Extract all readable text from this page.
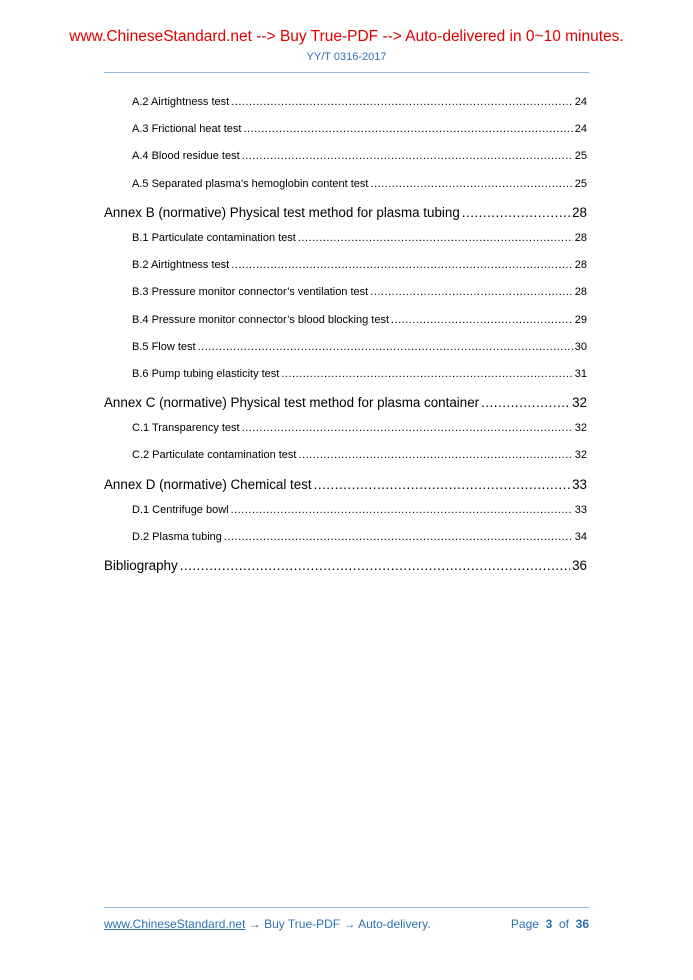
www.ChineseStandard.net --> Buy True-PDF --> Auto-delivered in 0~10 minutes.
YY/T 0316-2017
A.2 Airtightness test .....	24
A.3 Frictional heat test .....	24
A.4 Blood residue test .....	25
A.5 Separated plasma’s hemoglobin content test .....	25
Annex B (normative) Physical test method for plasma tubing .....	28
B.1 Particulate contamination test .....	28
B.2 Airtightness test .....	28
B.3 Pressure monitor connector’s ventilation test .....	28
B.4 Pressure monitor connector’s blood blocking test .....	29
B.5 Flow test .....	30
B.6 Pump tubing elasticity test .....	31
Annex C (normative) Physical test method for plasma container .....	32
C.1 Transparency test .....	32
C.2 Particulate contamination test .....	32
Annex D (normative) Chemical test .....	33
D.1 Centrifuge bowl .....	33
D.2 Plasma tubing .....	34
Bibliography .....	36
www.ChineseStandard.net → Buy True-PDF → Auto-delivery.	Page 3 of 36
